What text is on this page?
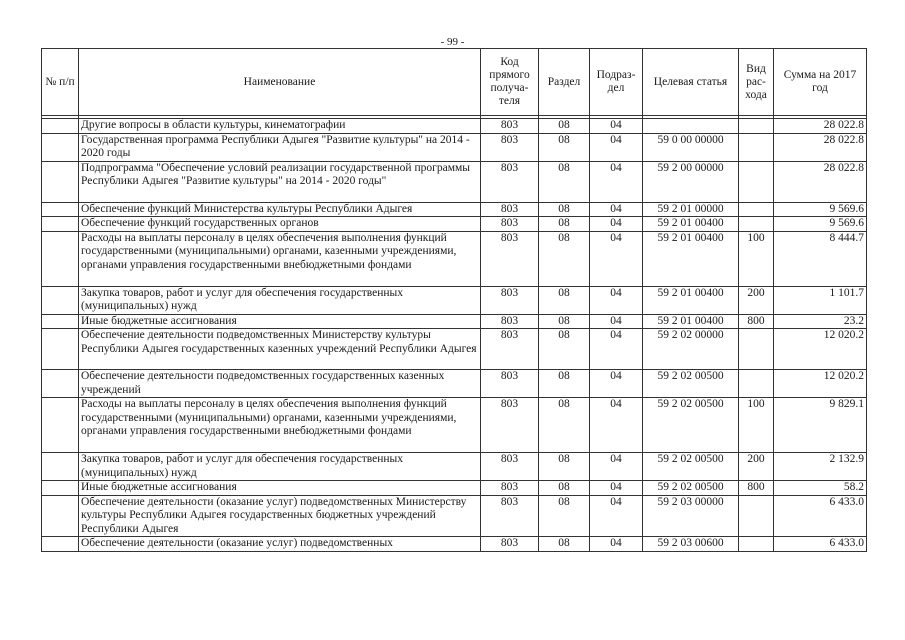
- 99 -
№ п/п	Наименование	Код прямого получа-теля	Раздел	Подраз-дел	Целевая статья	Вид рас-хода	Сумма на 2017 год

	Другие вопросы в области культуры, кинематографии	803	08	04			28 022.8
	Государственная программа Республики Адыгея "Развитие культуры" на 2014 - 2020 годы	803	08	04	59 0 00 00000		28 022.8
	Подпрограмма "Обеспечение условий реализации государственной программы Республики Адыгея "Развитие культуры" на 2014 - 2020 годы"	803	08	04	59 2 00 00000		28 022.8
	Обеспечение функций Министерства культуры Республики Адыгея	803	08	04	59 2 01 00000		9 569.6
	Обеспечение функций государственных органов	803	08	04	59 2 01 00400		9 569.6
	Расходы на выплаты персоналу в целях обеспечения выполнения функций государственными (муниципальными) органами, казенными учреждениями, органами управления государственными внебюджетными фондами	803	08	04	59 2 01 00400	100	8 444.7
	Закупка товаров, работ и услуг для обеспечения государственных (муниципальных) нужд	803	08	04	59 2 01 00400	200	1 101.7
	Иные бюджетные ассигнования	803	08	04	59 2 01 00400	800	23.2
	Обеспечение деятельности подведомственных Министерству культуры Республики Адыгея государственных казенных учреждений Республики Адыгея	803	08	04	59 2 02 00000		12 020.2
	Обеспечение деятельности подведомственных государственных казенных учреждений	803	08	04	59 2 02 00500		12 020.2
	Расходы на выплаты персоналу в целях обеспечения выполнения функций государственными (муниципальными) органами, казенными учреждениями, органами управления государственными внебюджетными фондами	803	08	04	59 2 02 00500	100	9 829.1
	Закупка товаров, работ и услуг для обеспечения государственных (муниципальных) нужд	803	08	04	59 2 02 00500	200	2 132.9
	Иные бюджетные ассигнования	803	08	04	59 2 02 00500	800	58.2
	Обеспечение деятельности (оказание услуг) подведомственных Министерству культуры Республики Адыгея государственных бюджетных учреждений Республики Адыгея	803	08	04	59 2 03 00000		6 433.0
	Обеспечение деятельности (оказание услуг) подведомственных	803	08	04	59 2 03 00600		6 433.0
